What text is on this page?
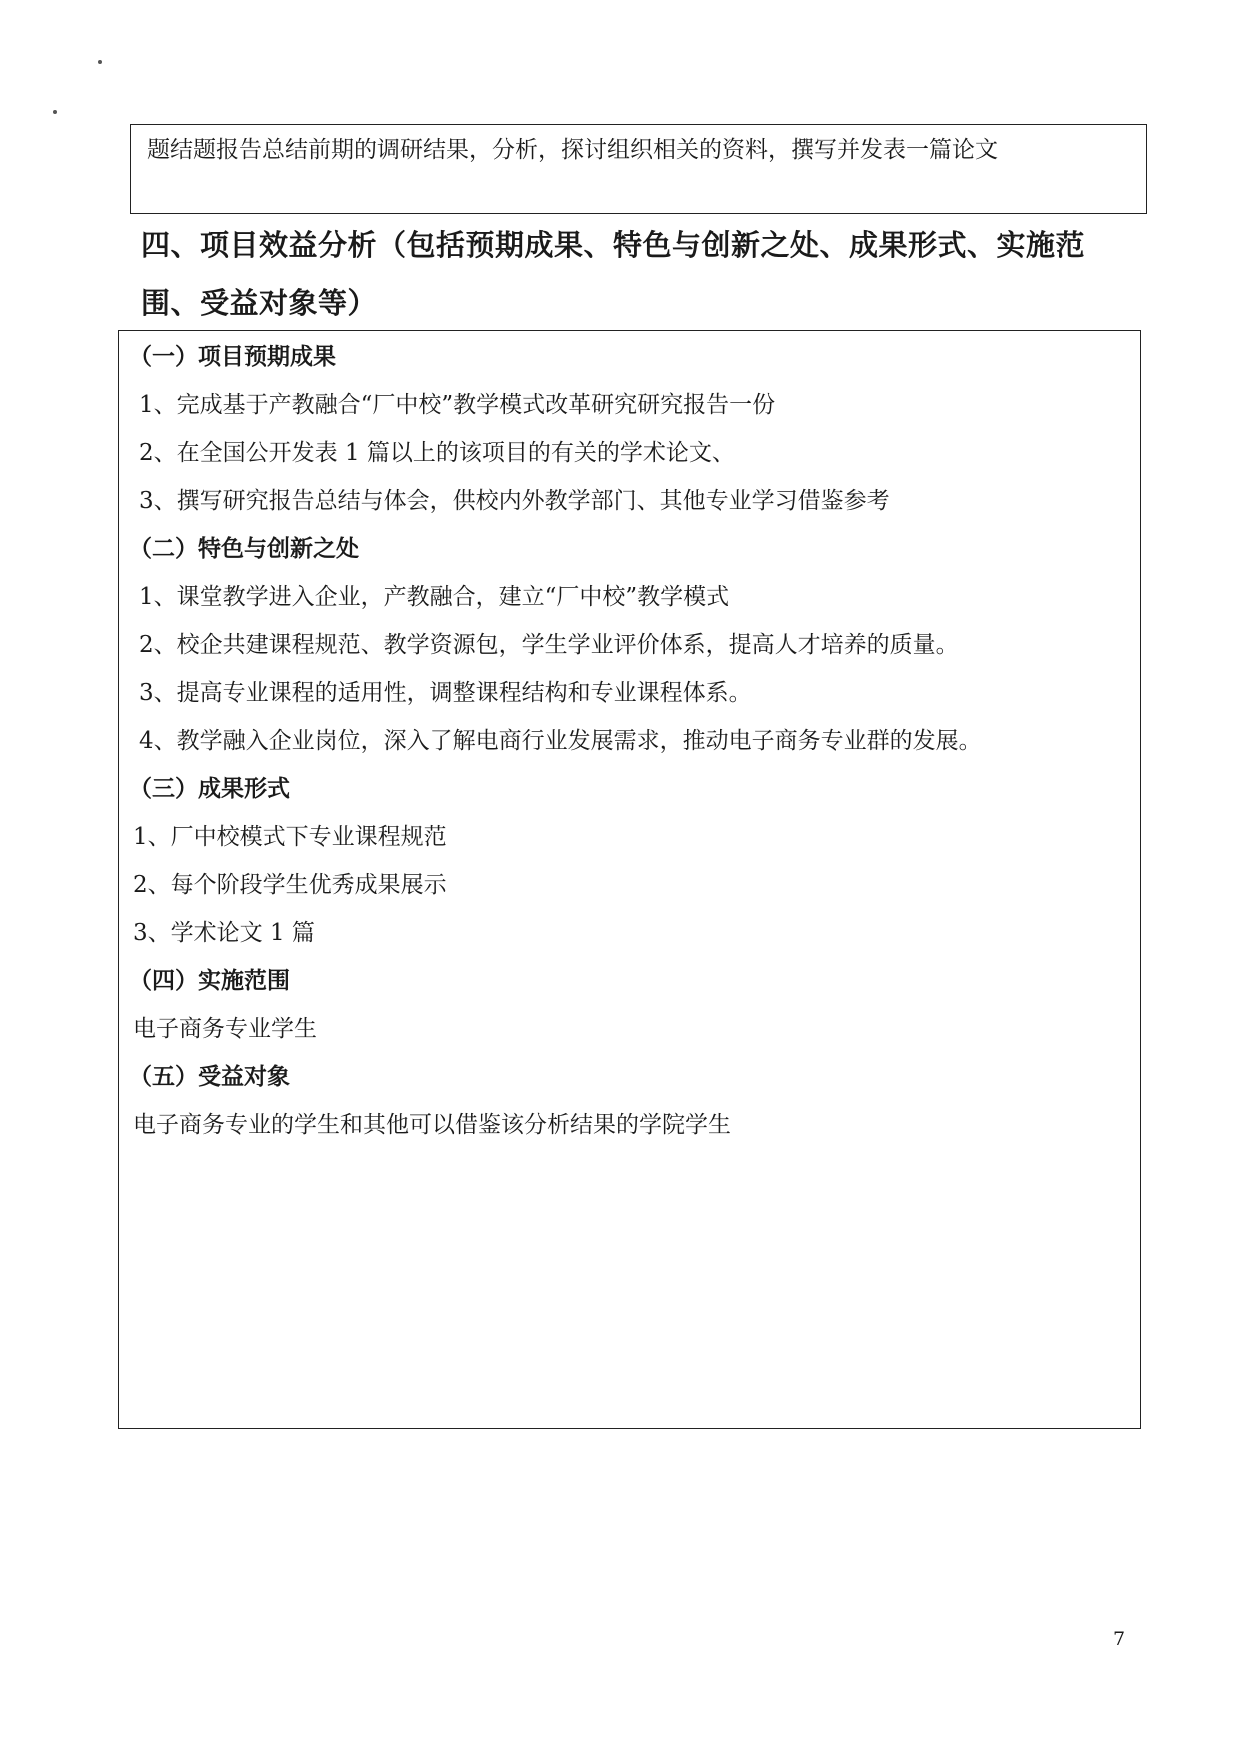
题结题报告总结前期的调研结果，分析，探讨组织相关的资料，撰写并发表一篇论文
四、项目效益分析（包括预期成果、特色与创新之处、成果形式、实施范围、受益对象等）
（一）项目预期成果
1、完成基于产教融合“厂中校”教学模式改革研究研究报告一份
2、在全国公开发表 1 篇以上的该项目的有关的学术论文、
3、撰写研究报告总结与体会，供校内外教学部门、其他专业学习借鉴参考
（二）特色与创新之处
1、课堂教学进入企业，产教融合，建立“厂中校”教学模式
2、校企共建课程规范、教学资源包，学生学业评价体系，提高人才培养的质量。
3、提高专业课程的适用性，调整课程结构和专业课程体系。
4、教学融入企业岗位，深入了解电商行业发展需求，推动电子商务专业群的发展。
（三）成果形式
1、厂中校模式下专业课程规范
2、每个阶段学生优秀成果展示
3、学术论文 1 篇
（四）实施范围
电子商务专业学生
（五）受益对象
电子商务专业的学生和其他可以借鉴该分析结果的学院学生
7
